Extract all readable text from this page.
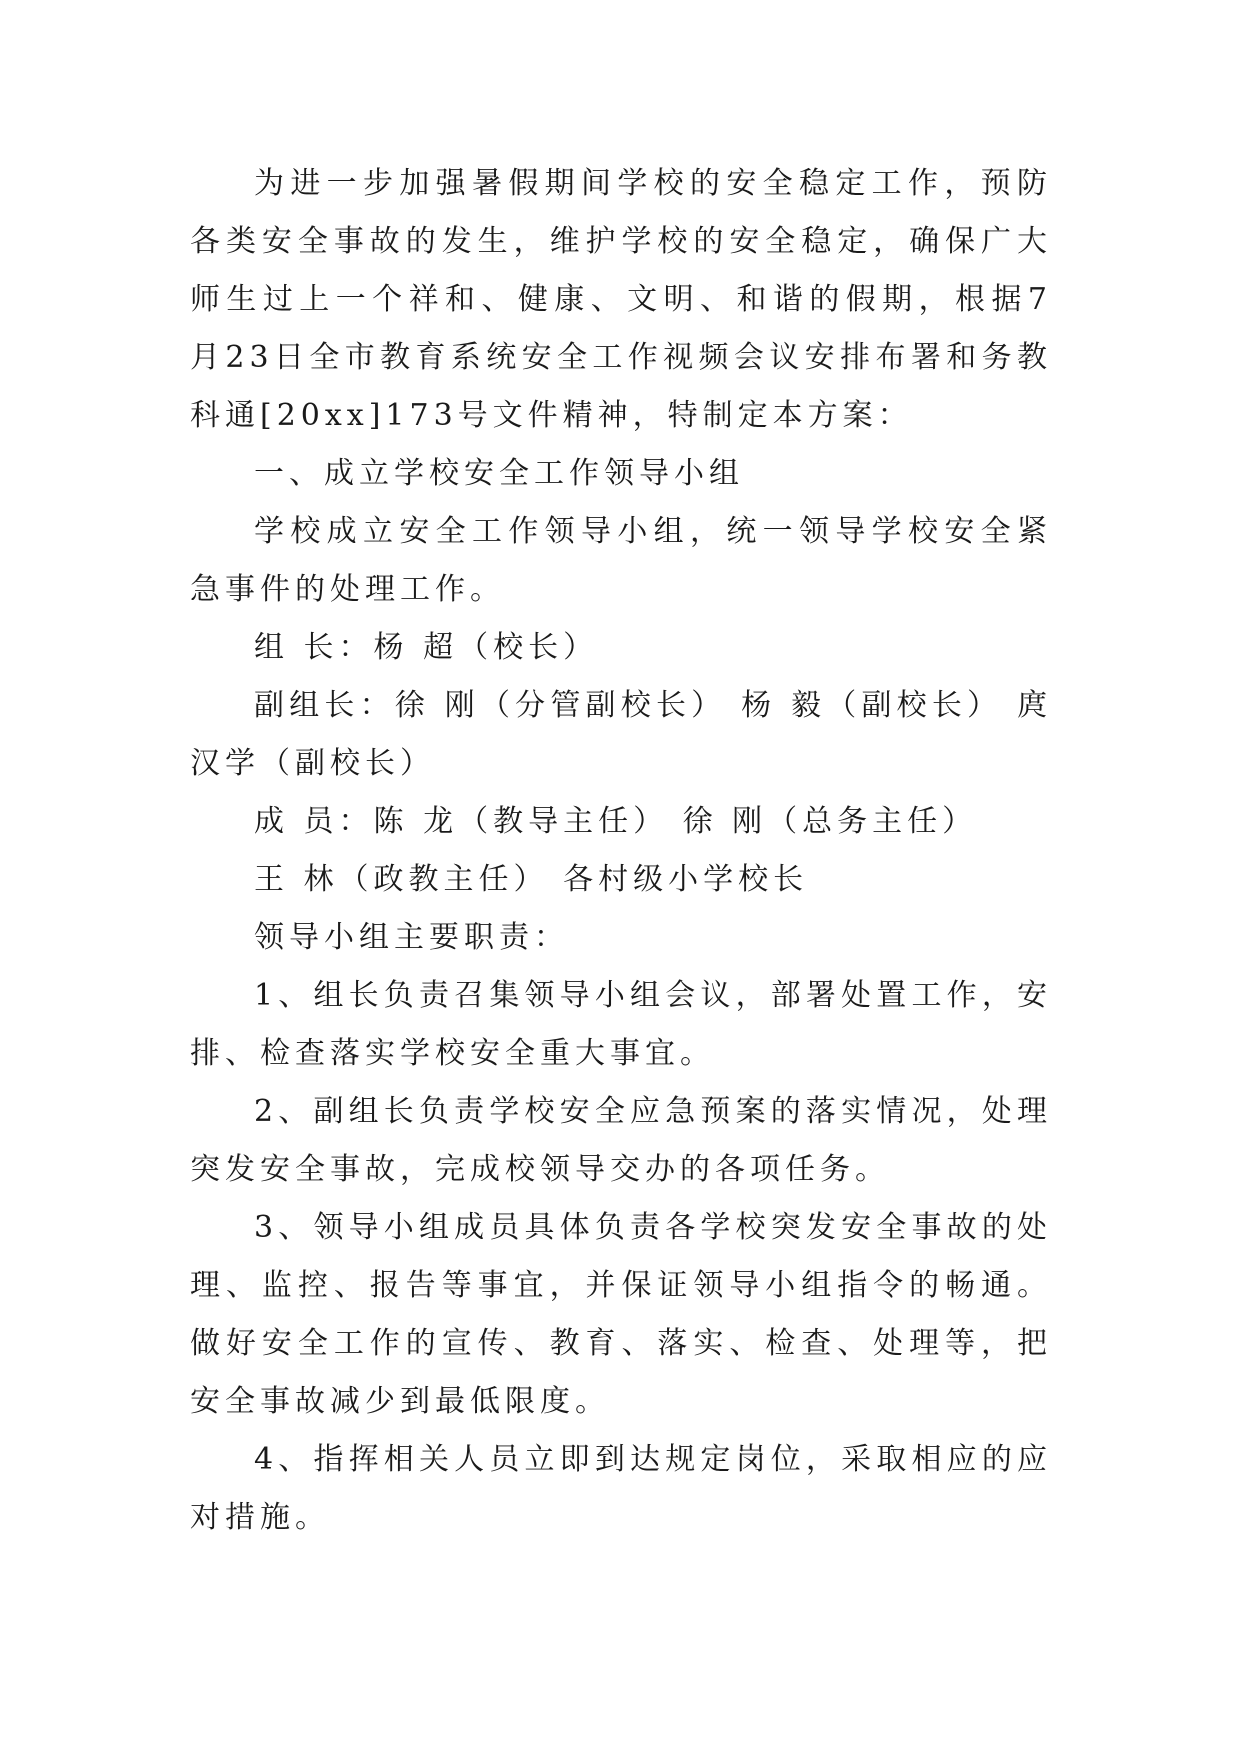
为进一步加强暑假期间学校的安全稳定工作，预防各类安全事故的发生，维护学校的安全稳定，确保广大师生过上一个祥和、健康、文明、和谐的假期，根据7月23日全市教育系统安全工作视频会议安排布署和务教科通[20xx]173号文件精神，特制定本方案：

一、成立学校安全工作领导小组

学校成立安全工作领导小组，统一领导学校安全紧急事件的处理工作。

组 长：杨 超（校长）

副组长：徐 刚（分管副校长） 杨 毅（副校长） 庹汉学（副校长）

成 员：陈 龙（教导主任） 徐 刚（总务主任）

王 林（政教主任） 各村级小学校长

领导小组主要职责：

1、组长负责召集领导小组会议，部署处置工作，安排、检查落实学校安全重大事宜。

2、副组长负责学校安全应急预案的落实情况，处理突发安全事故，完成校领导交办的各项任务。

3、领导小组成员具体负责各学校突发安全事故的处理、监控、报告等事宜，并保证领导小组指令的畅通。做好安全工作的宣传、教育、落实、检查、处理等，把安全事故减少到最低限度。

4、指挥相关人员立即到达规定岗位，采取相应的应对措施。
